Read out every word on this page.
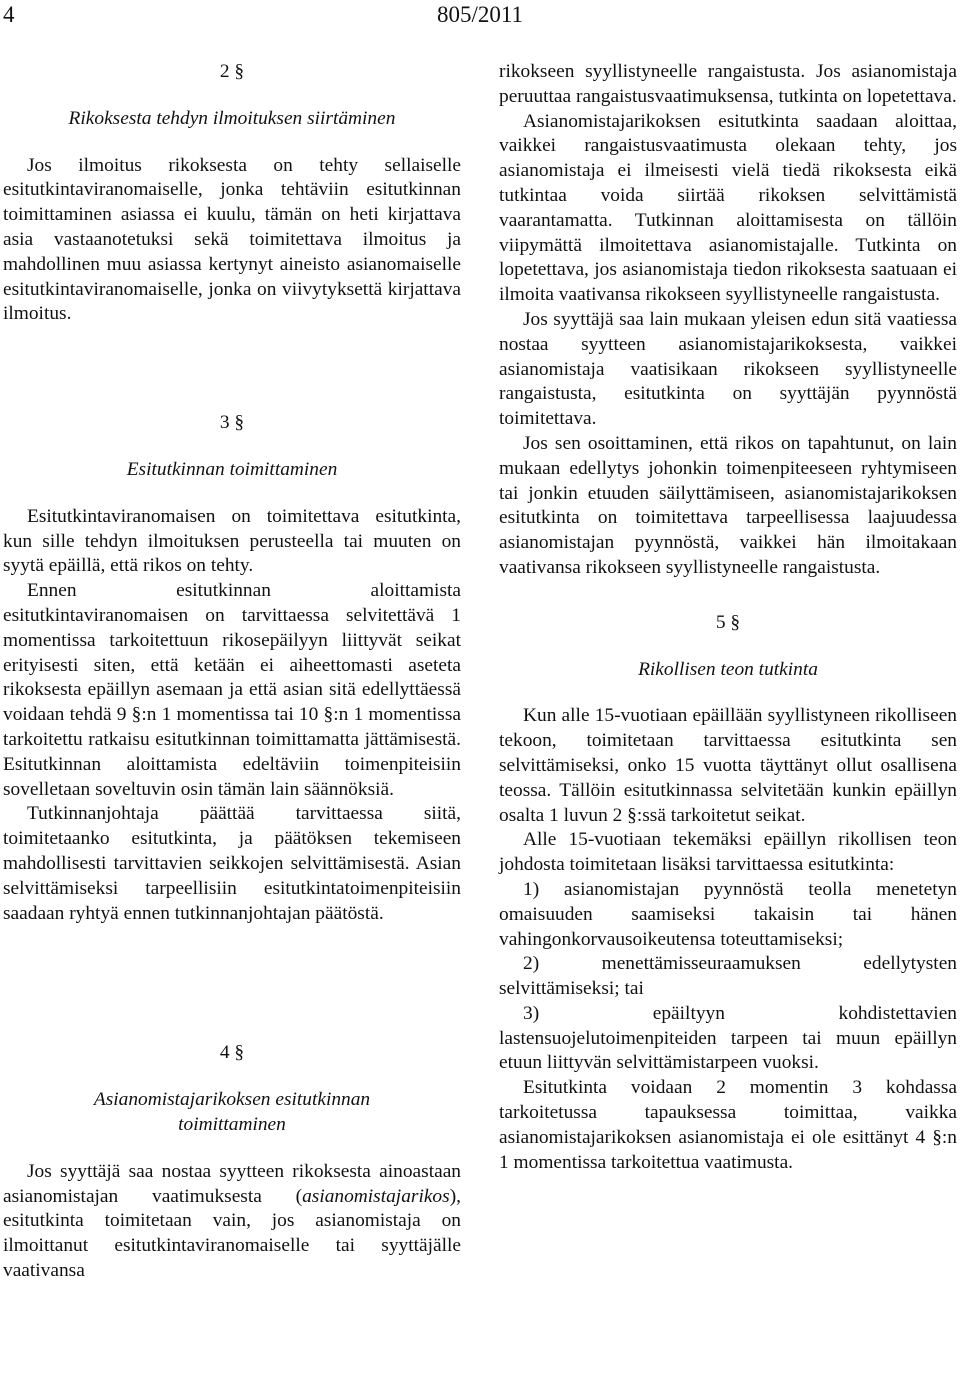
4	805/2011

2 §

Rikoksesta tehdyn ilmoituksen siirtäminen

Jos ilmoitus rikoksesta on tehty sellaiselle esitutkintaviranomaiselle, jonka tehtäviin esitutkinnan toimittaminen asiassa ei kuulu, tämän on heti kirjattava asia vastaanotetuksi sekä toimitettava ilmoitus ja mahdollinen muu asiassa kertynyt aineisto asianomaiselle esitutkintaviranomaiselle, jonka on viivytyksettä kirjattava ilmoitus.

3 §

Esitutkinnan toimittaminen

Esitutkintaviranomaisen on toimitettava esitutkinta, kun sille tehdyn ilmoituksen perusteella tai muuten on syytä epäillä, että rikos on tehty.

Ennen esitutkinnan aloittamista esitutkintaviranomaisen on tarvittaessa selvitettävä 1 momentissa tarkoitettuun rikosepäilyyn liittyvät seikat erityisesti siten, että ketään ei aiheettomasti aseteta rikoksesta epäillyn asemaan ja että asian sitä edellyttäessä voidaan tehdä 9 §:n 1 momentissa tai 10 §:n 1 momentissa tarkoitettu ratkaisu esitutkinnan toimittamatta jättämisestä. Esitutkinnan aloittamista edeltäviin toimenpiteisiin sovelletaan soveltuvin osin tämän lain säännöksiä.

Tutkinnanjohtaja päättää tarvittaessa siitä, toimitetaanko esitutkinta, ja päätöksen tekemiseen mahdollisesti tarvittavien seikkojen selvittämisestä. Asian selvittämiseksi tarpeellisiin esitutkintatoimenpiteisiin saadaan ryhtyä ennen tutkinnanjohtajan päätöstä.

4 §

Asianomistajarikoksen esitutkinnan

toimittaminen

Jos syyttäjä saa nostaa syytteen rikoksesta ainoastaan asianomistajan vaatimuksesta (asianomistajarikos), esitutkinta toimitetaan vain, jos asianomistaja on ilmoittanut esitutkintaviranomaiselle tai syyttäjälle vaativansa

rikokseen syyllistyneelle rangaistusta. Jos asianomistaja peruuttaa rangaistusvaatimuksensa, tutkinta on lopetettava.

Asianomistajarikoksen esitutkinta saadaan aloittaa, vaikkei rangaistusvaatimusta olekaan tehty, jos asianomistaja ei ilmeisesti vielä tiedä rikoksesta eikä tutkintaa voida siirtää rikoksen selvittämistä vaarantamatta. Tutkinnan aloittamisesta on tällöin viipymättä ilmoitettava asianomistajalle. Tutkinta on lopetettava, jos asianomistaja tiedon rikoksesta saatuaan ei ilmoita vaativansa rikokseen syyllistyneelle rangaistusta.

Jos syyttäjä saa lain mukaan yleisen edun sitä vaatiessa nostaa syytteen asianomistajarikoksesta, vaikkei asianomistaja vaatisikaan rikokseen syyllistyneelle rangaistusta, esitutkinta on syyttäjän pyynnöstä toimitettava.

Jos sen osoittaminen, että rikos on tapahtunut, on lain mukaan edellytys johonkin toimenpiteeseen ryhtymiseen tai jonkin etuuden säilyttämiseen, asianomistajarikoksen esitutkinta on toimitettava tarpeellisessa laajuudessa asianomistajan pyynnöstä, vaikkei hän ilmoitakaan vaativansa rikokseen syyllistyneelle rangaistusta.

5 §

Rikollisen teon tutkinta

Kun alle 15-vuotiaan epäillään syyllistyneen rikolliseen tekoon, toimitetaan tarvittaessa esitutkinta sen selvittämiseksi, onko 15 vuotta täyttänyt ollut osallisena teossa. Tällöin esitutkinnassa selvitetään kunkin epäillyn osalta 1 luvun 2 §:ssä tarkoitetut seikat.

Alle 15-vuotiaan tekemäksi epäillyn rikollisen teon johdosta toimitetaan lisäksi tarvittaessa esitutkinta:

1) asianomistajan pyynnöstä teolla menetetyn omaisuuden saamiseksi takaisin tai hänen vahingonkorvausoikeutensa toteuttamiseksi;

2) menettämisseuraamuksen edellytysten selvittämiseksi; tai

3) epäiltyyn kohdistettavien lastensuojelutoimenpiteiden tarpeen tai muun epäillyn etuun liittyvän selvittämistarpeen vuoksi.

Esitutkinta voidaan 2 momentin 3 kohdassa tarkoitetussa tapauksessa toimittaa, vaikka asianomistajarikoksen asianomistaja ei ole esittänyt 4 §:n 1 momentissa tarkoitettua vaatimusta.
